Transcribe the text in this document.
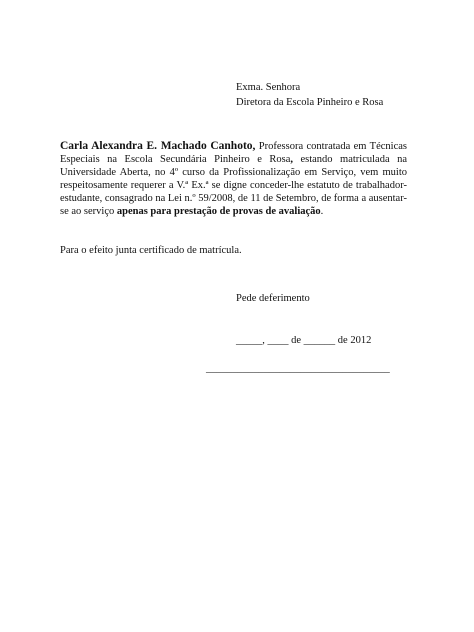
Exma. Senhora
Diretora da Escola Pinheiro e Rosa
Carla Alexandra E. Machado Canhoto, Professora contratada em Técnicas Especiais na Escola Secundária Pinheiro e Rosa, estando matriculada na Universidade Aberta, no 4º curso da Profissionalização em Serviço, vem muito respeitosamente requerer a V.ª Ex.ª se digne conceder-lhe estatuto de trabalhador-estudante, consagrado na Lei n.º 59/2008, de 11 de Setembro, de forma a ausentar-se ao serviço apenas para prestação de provas de avaliação.
Para o efeito junta certificado de matrícula.
Pede deferimento
_____, ____ de ______ de 2012
___________________________________
